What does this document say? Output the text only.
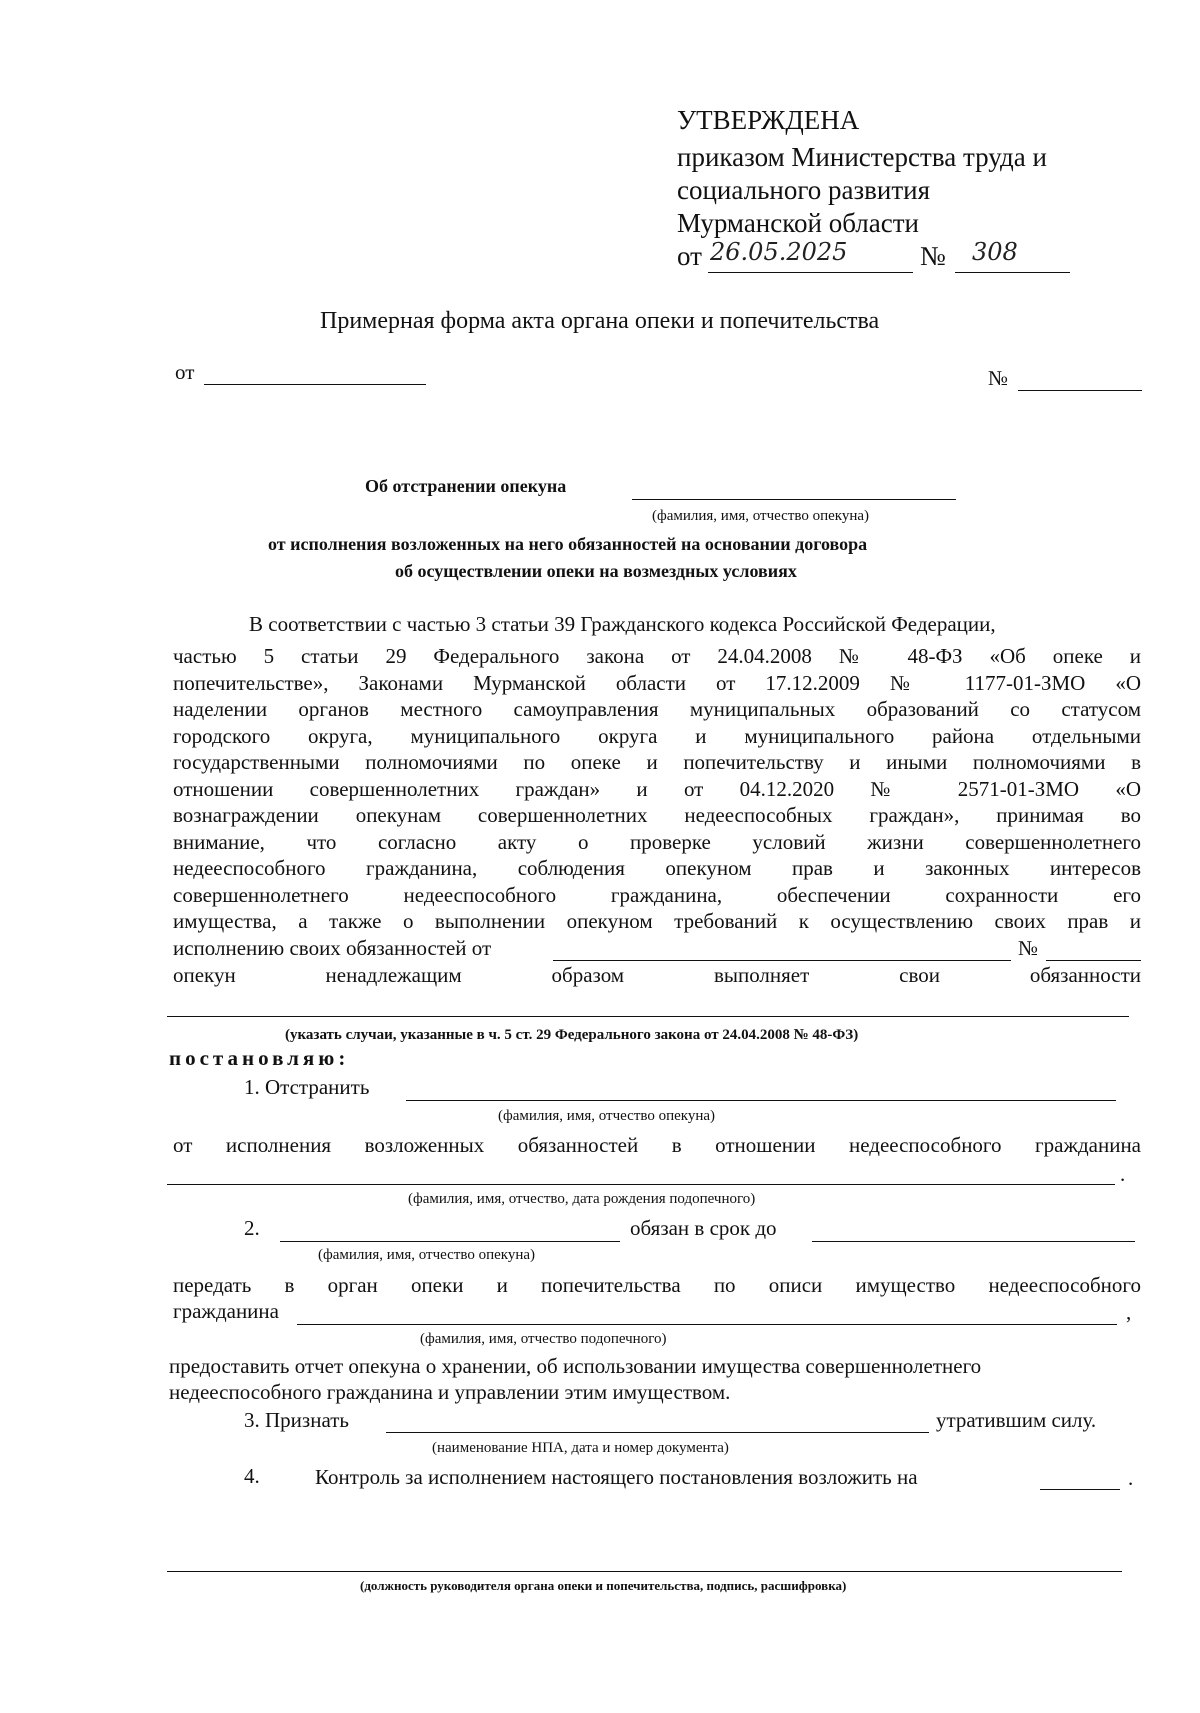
УТВЕРЖДЕНА
приказом Министерства труда и
социального развития
Мурманской области
от 26.05.2025	№ 308
Примерная форма акта органа опеки и попечительства
от	№
Об отстранении опекуна
(фамилия, имя, отчество опекуна)
от исполнения возложенных на него обязанностей на основании договора
об осуществлении опеки на возмездных условиях
В соответствии с частью 3 статьи 39 Гражданского кодекса Российской Федерации,
частью 5 статьи 29 Федерального закона от 24.04.2008 № 48-ФЗ «Об опеке и
попечительстве», Законами Мурманской области от 17.12.2009 № 1177-01-ЗМО «О
наделении органов местного самоуправления муниципальных образований со статусом
городского округа, муниципального округа и муниципального района отдельными
государственными полномочиями по опеке и попечительству и иными полномочиями в
отношении совершеннолетних граждан» и от 04.12.2020 № 2571-01-ЗМО «О
вознаграждении опекунам совершеннолетних недееспособных граждан», принимая во
внимание, что согласно акту о проверке условий жизни совершеннолетнего
недееспособного гражданина, соблюдения опекуном прав и законных интересов
совершеннолетнего недееспособного гражданина, обеспечении сохранности его
имущества, а также о выполнении опекуном требований к осуществлению своих прав и
исполнению своих обязанностей от	№
опекун ненадлежащим образом выполняет свои обязанности
(указать случаи, указанные в ч. 5 ст. 29 Федерального закона от 24.04.2008 № 48-ФЗ)
постановляю:
1. Отстранить
(фамилия, имя, отчество опекуна)
от исполнения возложенных обязанностей в отношении недееспособного гражданина
.
(фамилия, имя, отчество, дата рождения подопечного)
2.	обязан в срок до
(фамилия, имя, отчество опекуна)
передать в орган опеки и попечительства по описи имущество недееспособного
гражданина	,
(фамилия, имя, отчество подопечного)
предоставить отчет опекуна о хранении, об использовании имущества совершеннолетнего
недееспособного гражданина и управлении этим имуществом.
3. Признать	утратившим силу.
(наименование НПА, дата и номер документа)
4.	Контроль за исполнением настоящего постановления возложить на	.
(должность руководителя органа опеки и попечительства, подпись, расшифровка)
